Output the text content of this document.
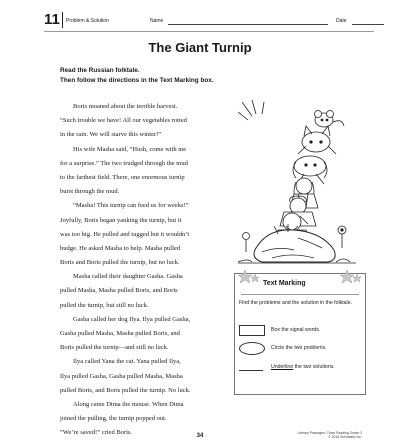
11 Problem & Solution	Name	Date
The Giant Turnip
Read the Russian folktale.
Then follow the directions in the Text Marking box.
Boris moaned about the terrible harvest.
“Such trouble we have! All our vegetables rotted
in the rain. We will starve this winter!”
His wife Masha said, “Hush, come with me
for a surprise.” The two trudged through the mud
to the farthest field. There, one enormous turnip
burst through the mud.
“Masha! This turnip can feed us for weeks!”
Joyfully, Boris began yanking the turnip, but it
was too big. He pulled and tugged but it wouldn’t
budge. He asked Masha to help. Masha pulled
Boris and Boris pulled the turnip, but no luck.
Masha called their daughter Gasha. Gasha
pulled Masha, Masha pulled Boris, and Boris
pulled the turnip, but still no luck.
Gasha called her dog Ilya. Ilya pulled Gasha,
Gasha pulled Masha, Masha pulled Boris, and
Boris pulled the turnip—and still no luck.
Ilya called Yana the cat. Yana pulled Ilya,
Ilya pulled Gasha, Gasha pulled Masha, Masha
pulled Boris, and Boris pulled the turnip. No luck.
Along came Dima the mouse. When Dima
joined the pulling, the turnip popped out.
“We’re saved!” cried Boris.
Text Marking
Find the problems and the solution in the folktale.
Box the signal words.
Circle the two problems.
Underline the two solutions.
34	Literary Passages: Close Reading Grade 3
© 2016 Scholastic Inc.
